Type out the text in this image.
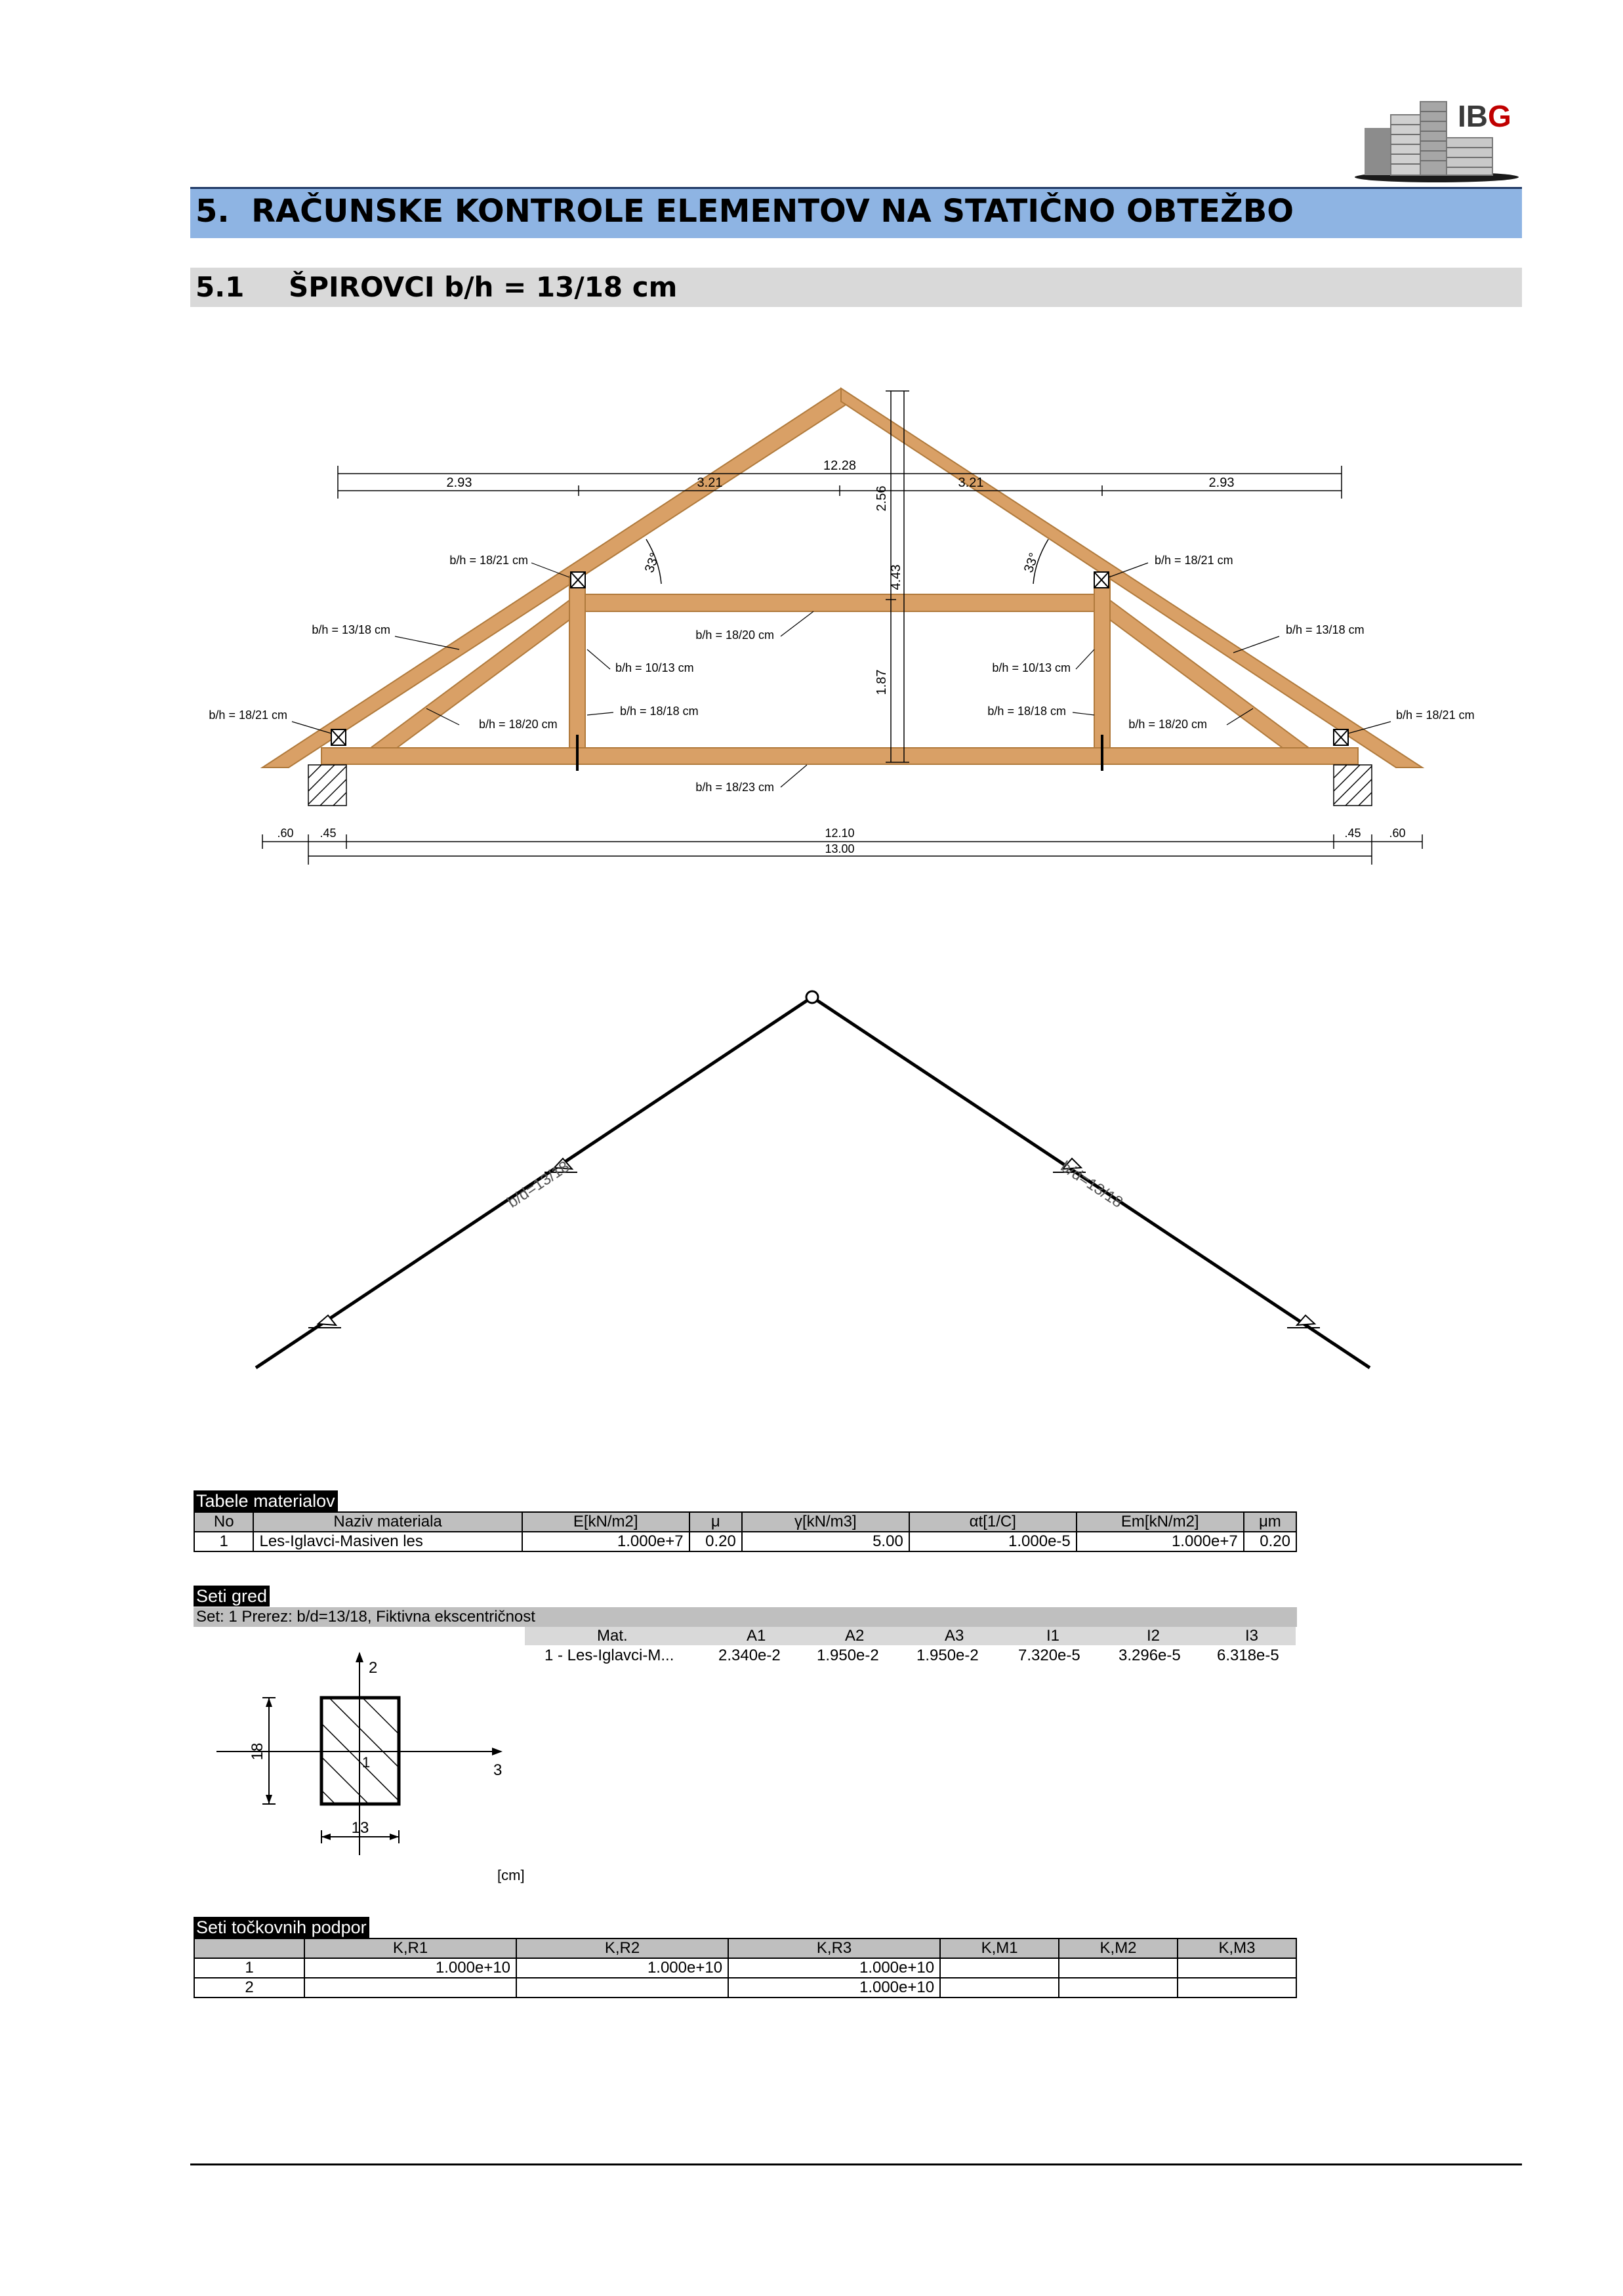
IBG
5. RAČUNSKE KONTROLE ELEMENTOV NA STATIČNO OBTEŽBO
5.1 ŠPIROVCI b/h = 13/18 cm
12.28
2.93	3.21	3.21	2.93
2.56
4.43
1.87
33°	33°
b/h = 18/21 cm	b/h = 18/21 cm
b/h = 13/18 cm	b/h = 13/18 cm
b/h = 18/21 cm	b/h = 18/21 cm
b/h = 18/20 cm
b/h = 10/13 cm	b/h = 10/13 cm
b/h = 18/18 cm	b/h = 18/18 cm
b/h = 18/20 cm	b/h = 18/20 cm
b/h = 18/23 cm
.60 .45	12.10	.45 .60
13.00
b/d=13/18	b/d=13/18
Tabele materialov
No	Naziv materiala	E[kN/m2]	μ	γ[kN/m3]	αt[1/C]	Em[kN/m2]	μm
1	Les-Iglavci-Masiven les	1.000e+7	0.20	5.00	1.000e-5	1.000e+7	0.20
Seti gred
Set: 1 Prerez: b/d=13/18, Fiktivna ekscentričnost
Mat.	A1	A2	A3	I1	I2	I3
1 - Les-Iglavci-M...	2.340e-2 1.950e-2 1.950e-2	7.320e-5 3.296e-5 6.318e-5
2
3
1
18
13
[cm]
Seti točkovnih podpor
	K,R1	K,R2	K,R3	K,M1	K,M2	K,M3
1	1.000e+10	1.000e+10	1.000e+10			
2			1.000e+10			
